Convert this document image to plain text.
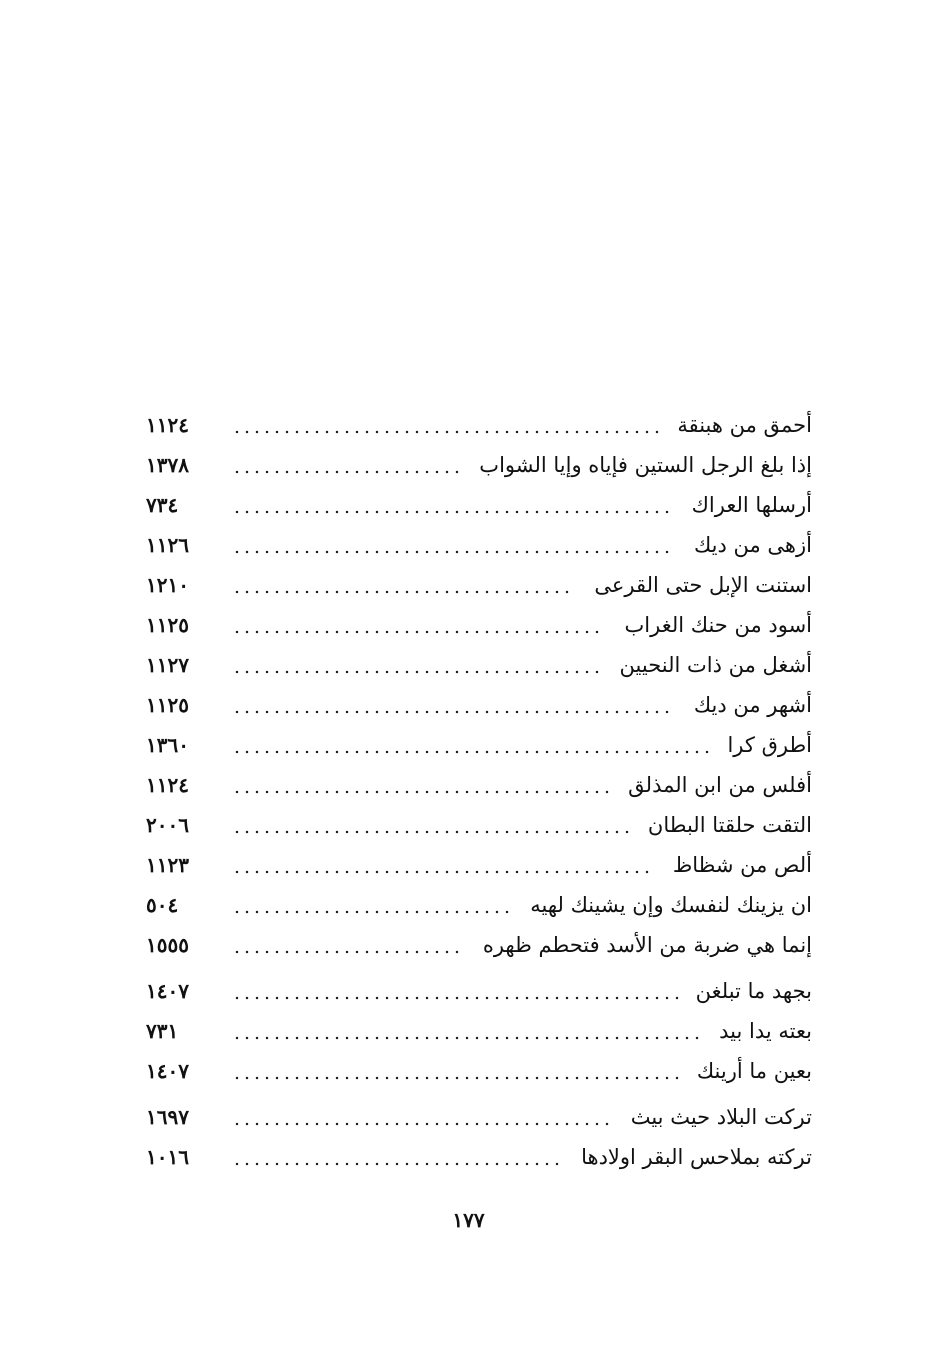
١١٢٤	أحمق من هبنقة
١٣٧٨	إذا بلغ الرجل الستين فإياه وإيا الشواب
٧٣٤	أرسلها العراك
١١٢٦	أزهى من ديك
١٢١٠	استنت الإبل حتى القرعى
١١٢٥	أسود من حنك الغراب
١١٢٧	أشغل من ذات النحيين
١١٢٥	أشهر من ديك
١٣٦٠	أطرق كرا
١١٢٤	أفلس من ابن المذلق
٢٠٠٦	التقت حلقتا البطان
١١٢٣	ألص من شظاظ
٥٠٤	ان يزينك لنفسك وإن يشينك لهيه
١٥٥٥	إنما هي ضربة من الأسد فتحطم ظهره
١٤٠٧	بجهد ما تبلغن
٧٣١	بعته يدا بيد
١٤٠٧	بعين ما أرينك
١٦٩٧	تركت البلاد حيث بيث
١٠١٦	تركته بملاحس البقر اولادها
١٧٧
